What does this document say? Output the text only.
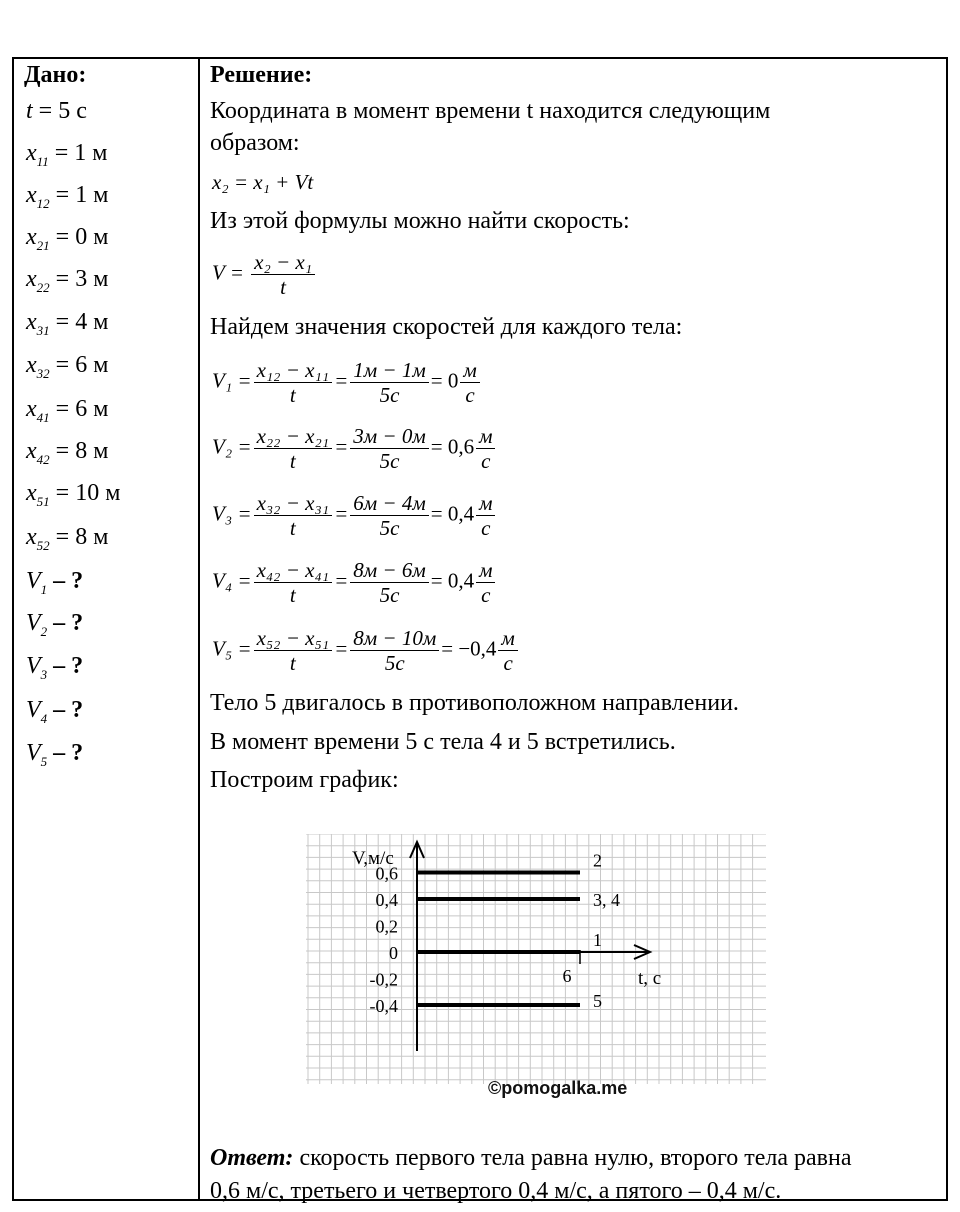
Дано:
t = 5 с
$x_{11} = 1$ м
$x_{12} = 1$ м
$x_{21} = 0$ м
$x_{22} = 3$ м
$x_{31} = 4$ м
$x_{32} = 6$ м
$x_{41} = 6$ м
$x_{42} = 8$ м
$x_{51} = 10$ м
$x_{52} = 8$ м
$V_1$ – ?
$V_2$ – ?
$V_3$ – ?
$V_4$ – ?
$V_5$ – ?
Решение:
Координата в момент времени t находится следующим
образом:
x₂ = x₁ + Vt
Из этой формулы можно найти скорость:
$V = \frac{\text{x₂ − x₁}}{t}$
Найдем значения скоростей для каждого тела:
$V_1 = \frac{\text{x₁₂ − x₁₁}}{t} = \frac{1м - 1м}{5с} = 0 \frac{м}{с}$
$V_2 = \frac{\text{x₂₂ − x₂₁}}{t} = \frac{3м - 0м}{5с} = 0,6 \frac{м}{с}$
$V_3 = \frac{\text{x₃₂ − x₃₁}}{t} = \frac{6м - 4м}{5с} = 0,4 \frac{м}{с}$
$V_4 = \frac{\text{x₄₂ − x₄₁}}{t} = \frac{8м - 6м}{5с} = 0,4 \frac{м}{с}$
$V_5 = \frac{\text{x₅₂ − x₅₁}}{t} = \frac{8м - 10м}{5с} = -0,4 \frac{м}{с}$
Тело 5 двигалось в противоположном направлении.
В момент времени 5 с тела 4 и 5 встретились.
Построим график:
V,м/с
t, с
0,6
0,4
0,2
0
-0,2
-0,4
6
2
3, 4
1
5
©pomogalka.me
Ответ: скорость первого тела равна нулю, второго тела равна
0,6 м/с, третьего и четвертого 0,4 м/с, а пятого – 0,4 м/с.
